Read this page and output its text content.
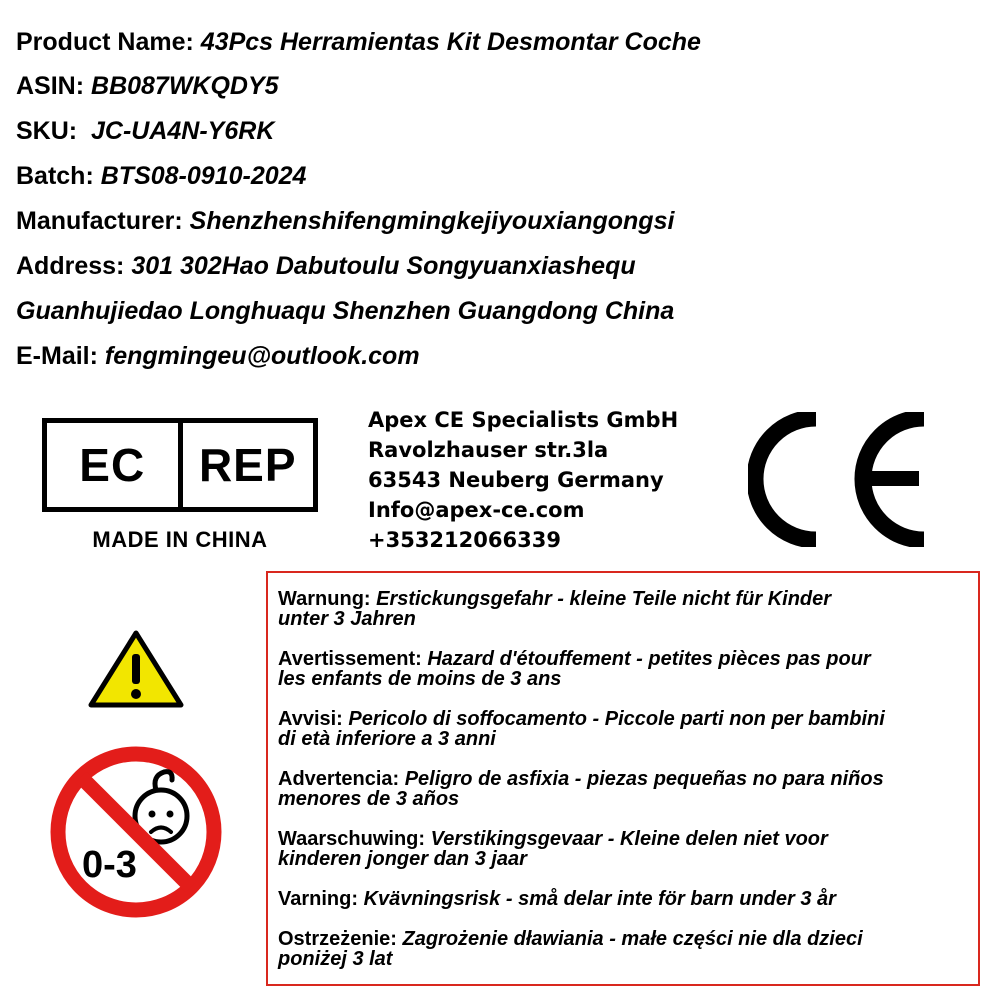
Product Name: 43Pcs Herramientas Kit Desmontar Coche
ASIN: BB087WKQDY5
SKU:  JC-UA4N-Y6RK
Batch: BTS08-0910-2024
Manufacturer: Shenzhenshifengmingkejiyouxiangongsi
Address: 301 302Hao Dabutoulu Songyuanxiashequ
Guanhujiedao Longhuaqu Shenzhen Guangdong China
E-Mail: fengmingeu@outlook.com
EC	REP
MADE IN CHINA
Apex CE Specialists GmbH
Ravolzhauser str.3la
63543 Neuberg Germany
Info@apex-ce.com
+353212066339
0-3
Warnung: Erstickungsgefahr - kleine Teile nicht für Kinder
unter 3 Jahren
Avertissement: Hazard d'étouffement - petites pièces pas pour
les enfants de moins de 3 ans
Avvisi: Pericolo di soffocamento - Piccole parti non per bambini
di età inferiore a 3 anni
Advertencia: Peligro de asfixia - piezas pequeñas no para niños
menores de 3 años
Waarschuwing: Verstikingsgevaar - Kleine delen niet voor
kinderen jonger dan 3 jaar
Varning: Kvävningsrisk - små delar inte för barn under 3 år
Ostrzeżenie: Zagrożenie dławiania - małe części nie dla dzieci
poniżej 3 lat
